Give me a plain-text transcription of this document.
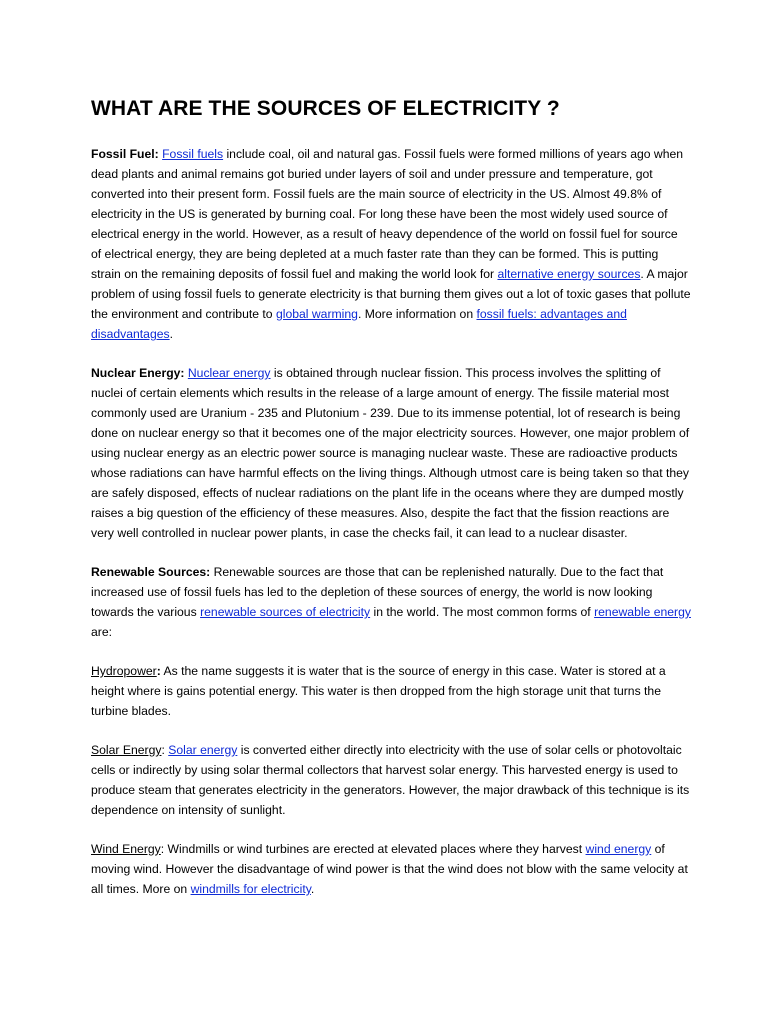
WHAT ARE THE SOURCES OF ELECTRICITY ?

Fossil Fuel: Fossil fuels include coal, oil and natural gas. Fossil fuels were formed millions of years ago when dead plants and animal remains got buried under layers of soil and under pressure and temperature, got converted into their present form. Fossil fuels are the main source of electricity in the US. Almost 49.8% of electricity in the US is generated by burning coal. For long these have been the most widely used source of electrical energy in the world. However, as a result of heavy dependence of the world on fossil fuel for source of electrical energy, they are being depleted at a much faster rate than they can be formed. This is putting strain on the remaining deposits of fossil fuel and making the world look for alternative energy sources. A major problem of using fossil fuels to generate electricity is that burning them gives out a lot of toxic gases that pollute the environment and contribute to global warming. More information on fossil fuels: advantages and disadvantages.

Nuclear Energy: Nuclear energy is obtained through nuclear fission. This process involves the splitting of nuclei of certain elements which results in the release of a large amount of energy. The fissile material most commonly used are Uranium - 235 and Plutonium - 239. Due to its immense potential, lot of research is being done on nuclear energy so that it becomes one of the major electricity sources. However, one major problem of using nuclear energy as an electric power source is managing nuclear waste. These are radioactive products whose radiations can have harmful effects on the living things. Although utmost care is being taken so that they are safely disposed, effects of nuclear radiations on the plant life in the oceans where they are dumped mostly raises a big question of the efficiency of these measures. Also, despite the fact that the fission reactions are very well controlled in nuclear power plants, in case the checks fail, it can lead to a nuclear disaster.

Renewable Sources: Renewable sources are those that can be replenished naturally. Due to the fact that increased use of fossil fuels has led to the depletion of these sources of energy, the world is now looking towards the various renewable sources of electricity in the world. The most common forms of renewable energy are:

Hydropower: As the name suggests it is water that is the source of energy in this case. Water is stored at a height where is gains potential energy. This water is then dropped from the high storage unit that turns the turbine blades.

Solar Energy: Solar energy is converted either directly into electricity with the use of solar cells or photovoltaic cells or indirectly by using solar thermal collectors that harvest solar energy. This harvested energy is used to produce steam that generates electricity in the generators. However, the major drawback of this technique is its dependence on intensity of sunlight.

Wind Energy: Windmills or wind turbines are erected at elevated places where they harvest wind energy of moving wind. However the disadvantage of wind power is that the wind does not blow with the same velocity at all times. More on windmills for electricity.
